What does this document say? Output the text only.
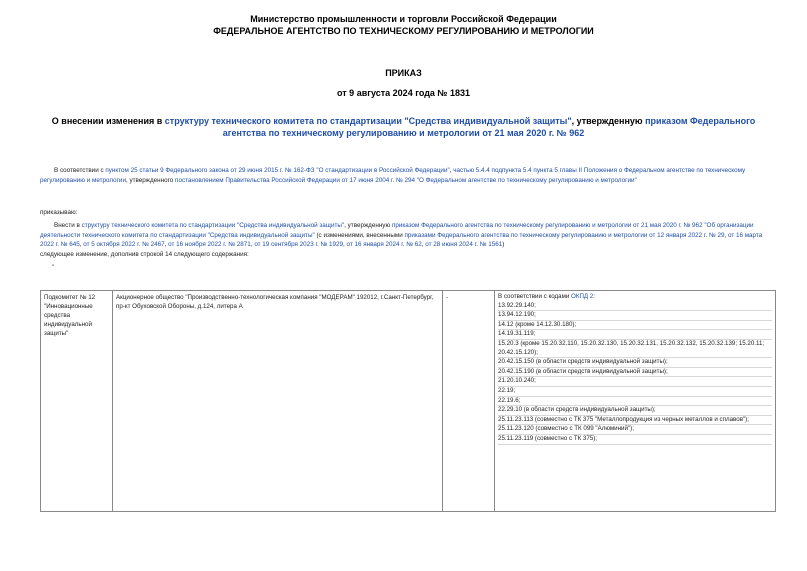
Министерство промышленности и торговли Российской Федерации
ФЕДЕРАЛЬНОЕ АГЕНТСТВО ПО ТЕХНИЧЕСКОМУ РЕГУЛИРОВАНИЮ И МЕТРОЛОГИИ
ПРИКАЗ
от 9 августа 2024 года № 1831
О внесении изменения в структуру технического комитета по стандартизации "Средства индивидуальной защиты", утвержденную приказом Федерального агентства по техническому регулированию и метрологии от 21 мая 2020 г. № 962
В соответствии с пунктом 25 статьи 9 Федерального закона от 29 июня 2015 г. № 162-ФЗ "О стандартизации в Российской Федерации", частью 5.4.4 подпункта 5.4 пункта 5 главы II Положения о Федеральном агентстве по техническому регулированию и метрологии, утвержденного постановлением Правительства Российской Федерации от 17 июня 2004 г. № 294 "О Федеральном агентстве по техническому регулированию и метрологии"
приказываю:
Внести в структуру технического комитета по стандартизации "Средства индивидуальной защиты", утвержденную приказом Федерального агентства по техническому регулированию и метрологии от 21 мая 2020 г. № 962 "Об организации деятельности технического комитета по стандартизации "Средства индивидуальной защиты" (с изменениями, внесенными приказами Федерального агентства по техническому регулированию и метрологии от 12 января 2022 г. № 29, от 16 марта 2022 г. № 645, от 5 октября 2022 г. № 2467, от 16 ноября 2022 г. № 2871, от 19 сентября 2023 г. № 1929, от 16 января 2024 г. № 62, от 28 июня 2024 г. № 1561)
следующее изменение, дополнив строкой 14 следующего содержания:
"
Подкомитет № 12 "Инновационные средства индивидуальной защиты"	Акционерное общество "Производственно-технологическая компания "МОДЕРАМ" 192012, г.Санкт-Петербург, пр-кт Обуховской Обороны, д.124, литера А	-	В соответствии с кодами ОКПД 2:
13.92.29.140;
13.94.12.190;
14.12 (кроме 14.12.30.180);
14.19.31.119;
15.20.3 (кроме 15.20.32.110, 15.20.32.130, 15.20.32.131, 15.20.32.132, 15.20.32.139; 15.20.11; 20.42.15.120);
20.42.15.150 (в области средств индивидуальной защиты);
20.42.15.190 (в области средств индивидуальной защиты);
21.20.10.240;
22.19;
22.19.6;
22.29.10 (в области средств индивидуальной защиты);
25.11.23.113 (совместно с ТК 375 "Металлопродукция из черных металлов и сплавов");
25.11.23.120 (совместно с ТК 099 "Алюминий");
25.11.23.119 (совместно с ТК 375);
